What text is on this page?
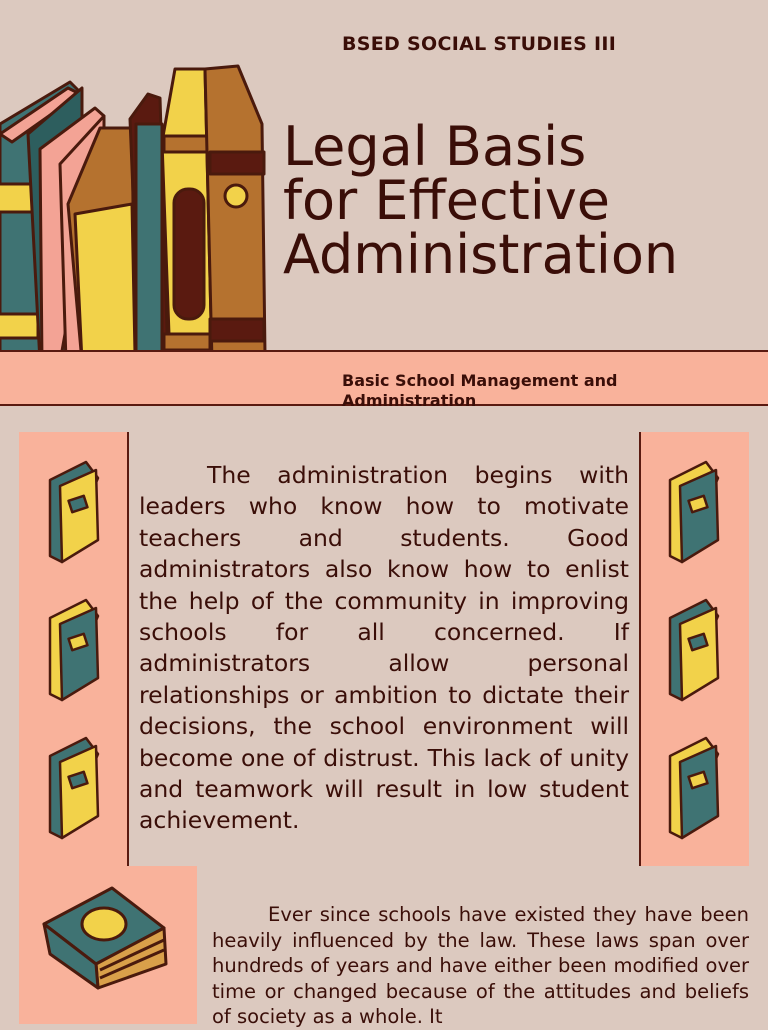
BSED SOCIAL STUDIES III
Legal Basis
for Effective
Administration
Basic School Management and Administration
The administration begins with leaders who know how to motivate teachers and students. Good administrators also know how to enlist the help of the community in improving schools for all concerned. If administrators allow personal relationships or ambition to dictate their decisions, the school environment will become one of distrust. This lack of unity and teamwork will result in low student achievement.
Ever since schools have existed they have been heavily influenced by the law. These laws span over hundreds of years and have either been modified over time or changed because of the attitudes and beliefs of society as a whole. It
